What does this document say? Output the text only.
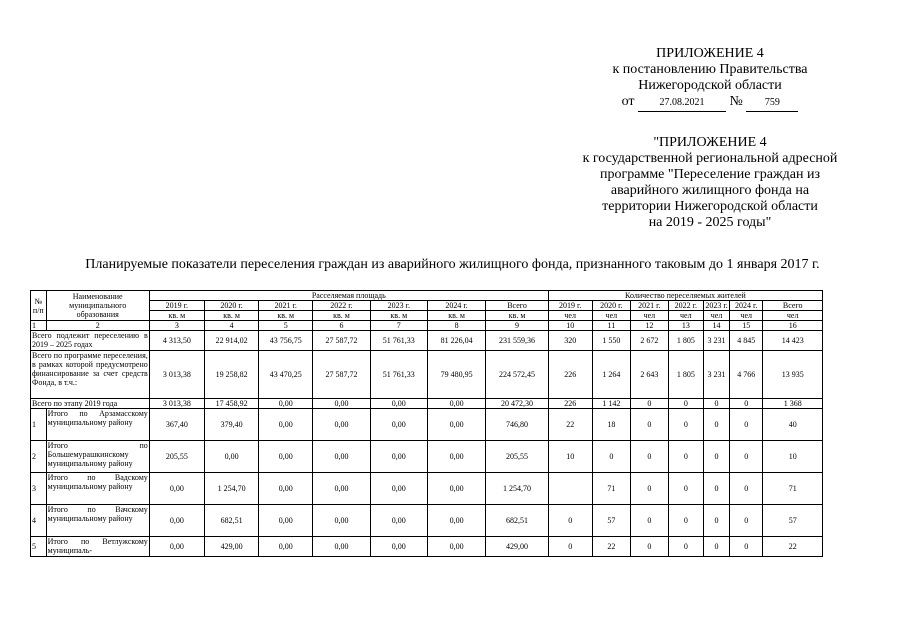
ПРИЛОЖЕНИЕ 4
к постановлению Правительства
Нижегородской области
от	27.08.2021 № 759
"ПРИЛОЖЕНИЕ 4
к государственной региональной адресной
программе "Переселение граждан из
аварийного жилищного фонда на
территории Нижегородской области
на 2019 - 2025 годы"
Планируемые показатели переселения граждан из аварийного жилищного фонда, признанного таковым до 1 января 2017 г.
№ п/п	Наименование муниципального образования	Расселяемая площадь							Количество переселяемых жителей						
		2019 г.	2020 г.	2021 г.	2022 г.	2023 г.	2024 г.	Всего	2019 г.	2020 г.	2021 г.	2022 г.	2023 г.	2024 г.	Всего
		кв. м	кв. м	кв. м	кв. м	кв. м	кв. м	кв. м	чел	чел	чел	чел	чел	чел	чел
1	2	3	4	5	6	7	8	9	10	11	12	13	14	15	16
Всего подлежит переселению в 2019 – 2025 годах		4 313,50	22 914,02	43 756,75	27 587,72	51 761,33	81 226,04	231 559,36	320	1 550	2 672	1 805	3 231	4 845	14 423
Всего по программе переселения, в рамках которой предусмотрено финансирование за счет средств Фонда, в т.ч.:		3 013,38	19 258,82	43 470,25	27 587,72	51 761,33	79 480,95	224 572,45	226	1 264	2 643	1 805	3 231	4 766	13 935
Всего по этапу 2019 года		3 013,38	17 458,92	0,00	0,00	0,00	0,00	20 472,30	226	1 142	0	0	0	0	1 368
1	Итого по Арзамасскому муниципальному району	367,40	379,40	0,00	0,00	0,00	0,00	746,80	22	18	0	0	0	0	40
2	Итого по Большемурашкинскому муниципальному району	205,55	0,00	0,00	0,00	0,00	0,00	205,55	10	0	0	0	0	0	10
3	Итого по Вадскому муниципальному району	0,00	1 254,70	0,00	0,00	0,00	0,00	1 254,70		71	0	0	0	0	71
4	Итого по Вачскому муниципальному району	0,00	682,51	0,00	0,00	0,00	0,00	682,51	0	57	0	0	0	0	57
5	Итого по Ветлужскому муниципаль-	0,00	429,00	0,00	0,00	0,00	0,00	429,00	0	22	0	0	0	0	22
